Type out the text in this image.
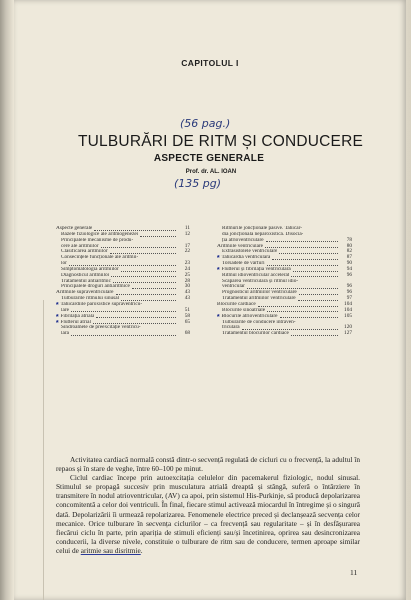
CAPITOLUL I
(56 pag.)
TULBURĂRI DE RITM ȘI CONDUCERE
ASPECTE GENERALE
Prof. dr. AL. IOAN
(135 pg)
Aspecte generale	11
Bazele fiziologice ale aritmogenezei	12
Principalele mecanisme de produ-
cere ale aritmiilor	17
Clasificarea aritmiilor	22
Consecințele funcționale ale aritmii-
lor	23
Simptomatologia aritmiilor	24
Diagnosticul aritmiilor	25
Tratamentul antiaritmic	28
Principalele droguri antiaritmice	30
Aritmiile supraventriculare	43
Tulburările ritmului sinusal	43
★ Tahicardiile paroxistice supraventricu-
lare	51
★ Fibrilația atrială	58
★ Flutterul atrial	65
Sindroamele de preexcitație ventricu-
lară	68
Ritmurile joncționale pasive. Tahicar-
dia joncțională neparoxistică. Disocia-
ția atrioventriculare	78
Aritmiile ventriculare	80
Extrasistolele ventriculare	82
★ Tahicardia ventriculară	87
Torsadele de vârfuri	90
★ Flutterul și fibrilația ventriculară	94
Ritmul idioventricular accelerat	96
Scăparea ventriculară și ritmul idio-
ventricular	96
Prognosticul aritmiilor ventriculare	96
Tratamentul aritmiilor ventriculare	97
Blocurile cardiace	104
Blocurile sinoatriale	104
★ Blocurile atrioventriculare	105
Tulburările de conducere intraven-
triculară	120
Tratamentul blocurilor cardiace	127

Activitatea cardiacă normală constă dintr-o secvență regulată de cicluri cu o frecvență, la adultul în repaos și în stare de veghe, între 60–100 pe minut.

Ciclul cardiac începe prin autoexcitația celulelor din pacemakerul fiziologic, nodul sinusal. Stimulul se propagă succesiv prin musculatura atrială dreaptă și stângă, suferă o întârziere în transmitere în nodul atrioventricular, (AV) ca apoi, prin sistemul His-Purkinje, să producă depolarizarea concomitentă a celor doi ventriculi. În final, fiecare stimul activează miocardul în întregime și o singură dată. Depolarizării îi urmează repolarizarea. Fenomenele electrice preced și declanșează secvența celor mecanice. Orice tulburare în secvența ciclurilor – ca frecvență sau regularitate – și în desfășurarea fiecărui ciclu în parte, prin apariția de stimuli eficienți sau/și încetinirea, oprirea sau desincronizarea conducerii, la diverse nivele, constituie o tulburare de ritm sau de conducere, termen aproape similar celui de aritmie sau disritmie.

11
